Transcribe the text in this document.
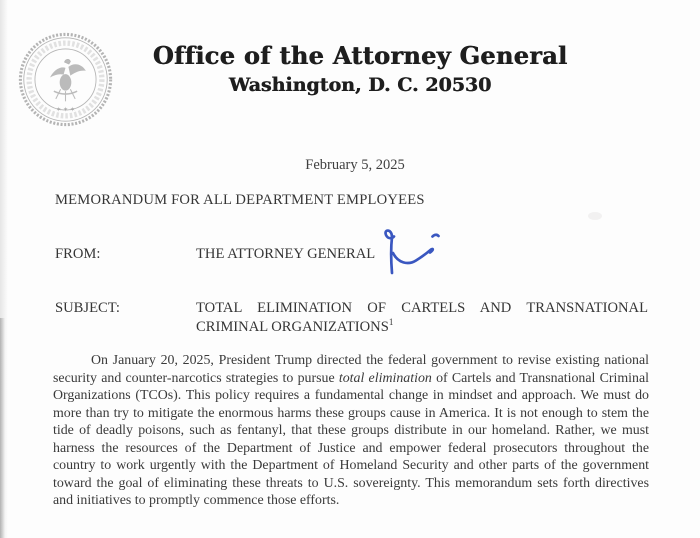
✶ ✶ ✶
Office of the Attorney General
Washington, D. C. 20530
February 5, 2025
MEMORANDUM FOR ALL DEPARTMENT EMPLOYEES
FROM:	THE ATTORNEY GENERAL
SUBJECT:	TOTAL ELIMINATION OF CARTELS AND TRANSNATIONAL
CRIMINAL ORGANIZATIONS$^1$
On January 20, 2025, President Trump directed the federal government to revise existing national security and counter-narcotics strategies to pursue total elimination of Cartels and Transnational Criminal Organizations (TCOs). This policy requires a fundamental change in mindset and approach. We must do more than try to mitigate the enormous harms these groups cause in America. It is not enough to stem the tide of deadly poisons, such as fentanyl, that these groups distribute in our homeland. Rather, we must harness the resources of the Department of Justice and empower federal prosecutors throughout the country to work urgently with the Department of Homeland Security and other parts of the government toward the goal of eliminating these threats to U.S. sovereignty. This memorandum sets forth directives and initiatives to promptly commence those efforts.
